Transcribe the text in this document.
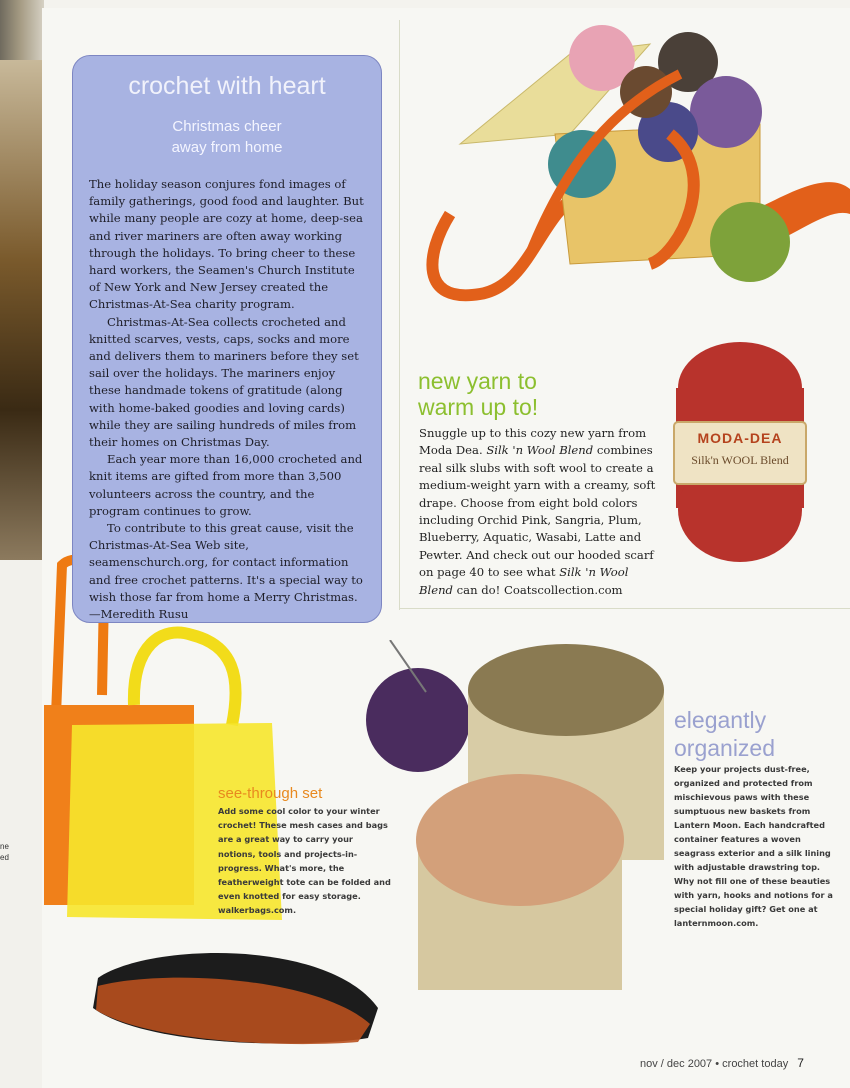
ne
ed
MODA-DEA
Silk'n WOOL Blend
crochet with heart
Christmas cheer
away from home

The holiday season conjures fond images of family gatherings, good food and laughter. But while many people are cozy at home, deep-sea and river mariners are often away working through the holidays. To bring cheer to these hard workers, the Seamen's Church Institute of New York and New Jersey created the Christmas-At-Sea charity program.

Christmas-At-Sea collects crocheted and knitted scarves, vests, caps, socks and more and delivers them to mariners before they set sail over the holidays. The mariners enjoy these handmade tokens of gratitude (along with home-baked goodies and loving cards) while they are sailing hundreds of miles from their homes on Christmas Day.

Each year more than 16,000 crocheted and knit items are gifted from more than 3,500 volunteers across the country, and the program continues to grow.

To contribute to this great cause, visit the Christmas-At-Sea Web site, seamenschurch.org, for contact information and free crochet patterns. It's a special way to wish those far from home a Merry Christmas. —Meredith Rusu

new yarn to
warm up to!
Snuggle up to this cozy new yarn from Moda Dea. Silk 'n Wool Blend combines real silk slubs with soft wool to create a medium-weight yarn with a creamy, soft drape. Choose from eight bold colors including Orchid Pink, Sangria, Plum, Blueberry, Aquatic, Wasabi, Latte and Pewter. And check out our hooded scarf on page 40 to see what Silk 'n Wool Blend can do! Coatscollection.com
elegantly
organized
Keep your projects dust-free, organized and protected from mischievous paws with these sumptuous new baskets from Lantern Moon. Each handcrafted container features a woven seagrass exterior and a silk lining with adjustable drawstring top. Why not fill one of these beauties with yarn, hooks and notions for a special holiday gift? Get one at lanternmoon.com.
see-through set
Add some cool color to your winter crochet! These mesh cases and bags are a great way to carry your notions, tools and projects-in-progress. What's more, the featherweight tote can be folded and even knotted for easy storage. walkerbags.com.
nov / dec 2007 • crochet today 7
